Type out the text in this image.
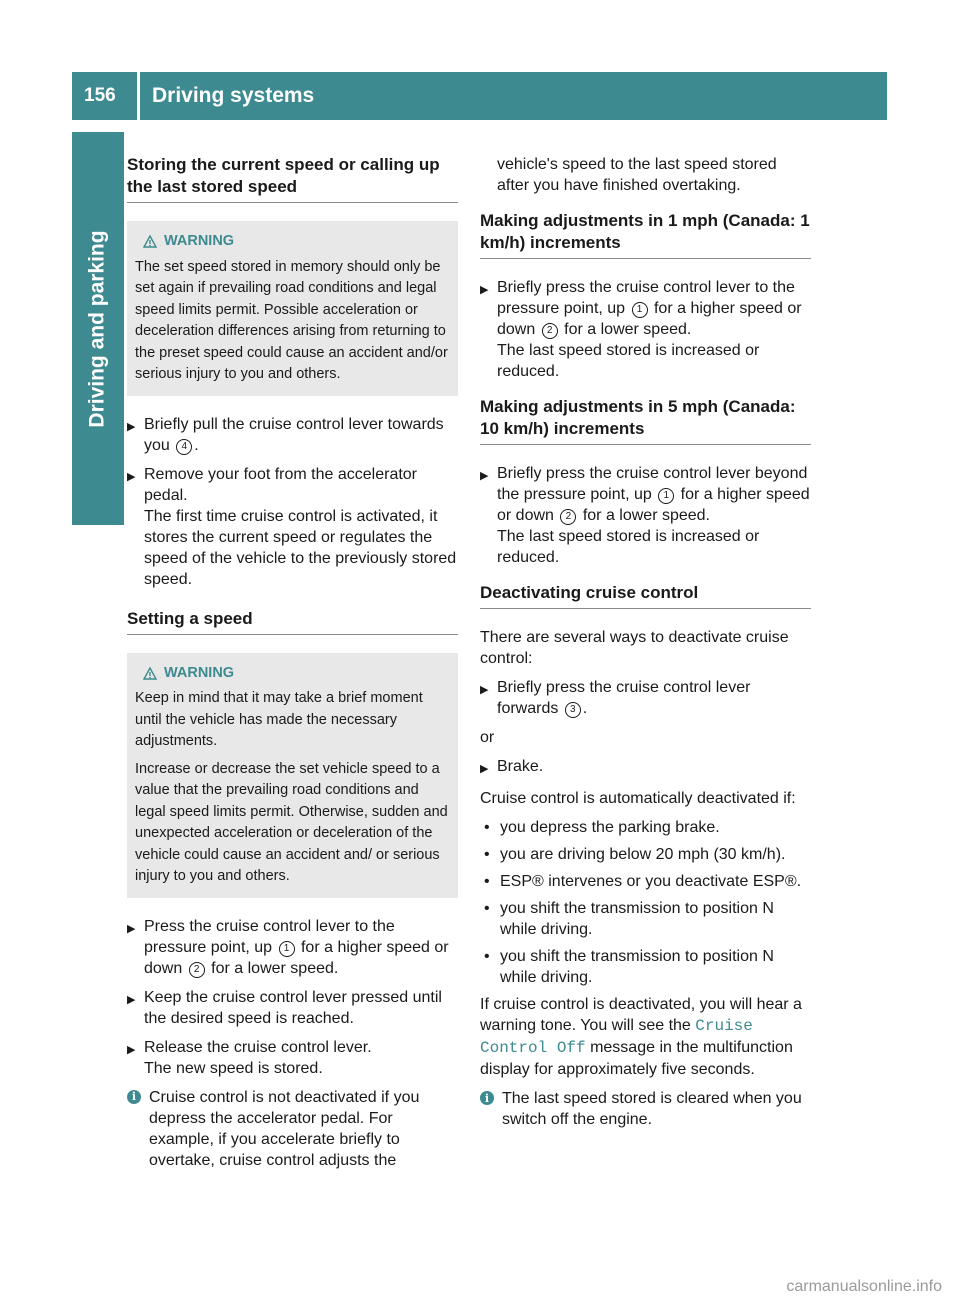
156	Driving systems
Driving and parking
Storing the current speed or calling up the last stored speed
WARNING

The set speed stored in memory should only be set again if prevailing road conditions and legal speed limits permit. Possible acceleration or deceleration differences arising from returning to the preset speed could cause an accident and/or serious injury to you and others.

▶ Briefly pull the cruise control lever towards you 4 .
▶ Remove your foot from the accelerator pedal.
The first time cruise control is activated, it stores the current speed or regulates the speed of the vehicle to the previously stored speed.
Setting a speed
WARNING

Keep in mind that it may take a brief moment until the vehicle has made the necessary adjustments.

Increase or decrease the set vehicle speed to a value that the prevailing road conditions and legal speed limits permit. Otherwise, sudden and unexpected acceleration or deceleration of the vehicle could cause an accident and/ or serious injury to you and others.

▶ Press the cruise control lever to the pressure point, up 1 for a higher speed or down 2 for a lower speed.
▶ Keep the cruise control lever pressed until the desired speed is reached.
▶ Release the cruise control lever.
The new speed is stored.
i Cruise control is not deactivated if you depress the accelerator pedal. For example, if you accelerate briefly to overtake, cruise control adjusts the

vehicle's speed to the last speed stored after you have finished overtaking.

Making adjustments in 1 mph (Canada: 1 km/h) increments
▶ Briefly press the cruise control lever to the pressure point, up 1 for a higher speed or down 2 for a lower speed.
The last speed stored is increased or reduced.
Making adjustments in 5 mph (Canada: 10 km/h) increments
▶ Briefly press the cruise control lever beyond the pressure point, up 1 for a higher speed or down 2 for a lower speed.
The last speed stored is increased or reduced.
Deactivating cruise control

There are several ways to deactivate cruise control:

▶ Briefly press the cruise control lever forwards 3 .

or

▶ Brake.

Cruise control is automatically deactivated if:

• you depress the parking brake.
• you are driving below 20 mph (30 km/h).
• ESP® intervenes or you deactivate ESP®.
• you shift the transmission to position N while driving.
• you shift the transmission to position N while driving.

If cruise control is deactivated, you will hear a warning tone. You will see the Cruise Control Off message in the multifunction display for approximately five seconds.

i The last speed stored is cleared when you switch off the engine.
carmanualsonline.info
